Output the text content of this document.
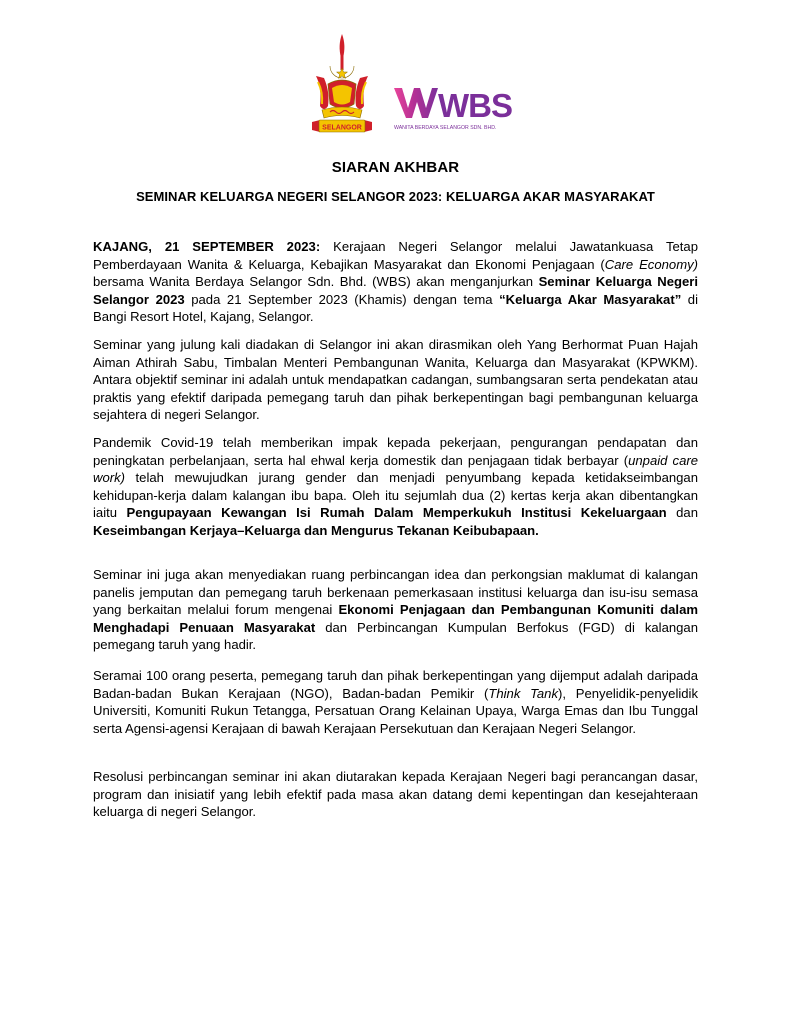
SELANGOR
WBS
WANITA BERDAYA SELANGOR SDN. BHD.
SIARAN AKHBAR
SEMINAR KELUARGA NEGERI SELANGOR 2023: KELUARGA AKAR MASYARAKAT

KAJANG, 21 SEPTEMBER 2023: Kerajaan Negeri Selangor melalui Jawatankuasa Tetap Pemberdayaan Wanita & Keluarga, Kebajikan Masyarakat dan Ekonomi Penjagaan (Care Economy) bersama Wanita Berdaya Selangor Sdn. Bhd. (WBS) akan menganjurkan Seminar Keluarga Negeri Selangor 2023 pada 21 September 2023 (Khamis) dengan tema “Keluarga Akar Masyarakat” di Bangi Resort Hotel, Kajang, Selangor.

Seminar yang julung kali diadakan di Selangor ini akan dirasmikan oleh Yang Berhormat Puan Hajah Aiman Athirah Sabu, Timbalan Menteri Pembangunan Wanita, Keluarga dan Masyarakat (KPWKM). Antara objektif seminar ini adalah untuk mendapatkan cadangan, sumbangsaran serta pendekatan atau praktis yang efektif daripada pemegang taruh dan pihak berkepentingan bagi pembangunan keluarga sejahtera di negeri Selangor.

Pandemik Covid-19 telah memberikan impak kepada pekerjaan, pengurangan pendapatan dan peningkatan perbelanjaan, serta hal ehwal kerja domestik dan penjagaan tidak berbayar (unpaid care work) telah mewujudkan jurang gender dan menjadi penyumbang kepada ketidakseimbangan kehidupan-kerja dalam kalangan ibu bapa. Oleh itu sejumlah dua (2) kertas kerja akan dibentangkan iaitu Pengupayaan Kewangan Isi Rumah Dalam Memperkukuh Institusi Kekeluargaan dan Keseimbangan Kerjaya–Keluarga dan Mengurus Tekanan Keibubapaan.

Seminar ini juga akan menyediakan ruang perbincangan idea dan perkongsian maklumat di kalangan panelis jemputan dan pemegang taruh berkenaan pemerkasaan institusi keluarga dan isu-isu semasa yang berkaitan melalui forum mengenai Ekonomi Penjagaan dan Pembangunan Komuniti dalam Menghadapi Penuaan Masyarakat dan Perbincangan Kumpulan Berfokus (FGD) di kalangan pemegang taruh yang hadir.

Seramai 100 orang peserta, pemegang taruh dan pihak berkepentingan yang dijemput adalah daripada Badan-badan Bukan Kerajaan (NGO), Badan-badan Pemikir (Think Tank), Penyelidik-penyelidik Universiti, Komuniti Rukun Tetangga, Persatuan Orang Kelainan Upaya, Warga Emas dan Ibu Tunggal serta Agensi-agensi Kerajaan di bawah Kerajaan Persekutuan dan Kerajaan Negeri Selangor.

Resolusi perbincangan seminar ini akan diutarakan kepada Kerajaan Negeri bagi perancangan dasar, program dan inisiatif yang lebih efektif pada masa akan datang demi kepentingan dan kesejahteraan keluarga di negeri Selangor.
